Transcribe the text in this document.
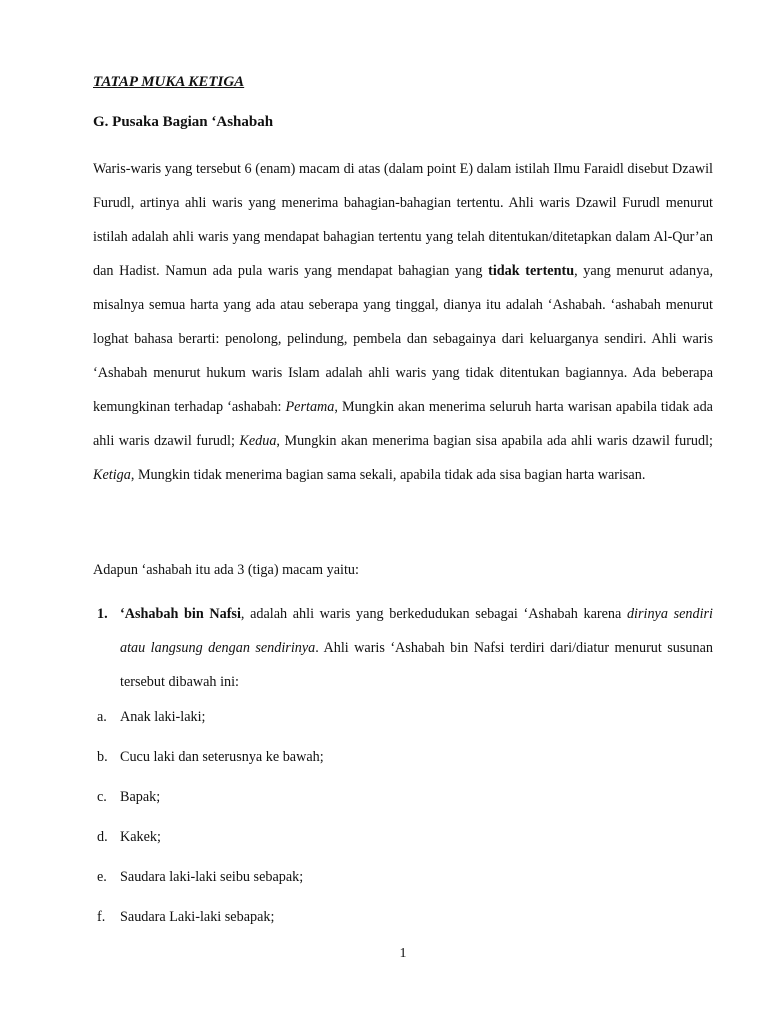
TATAP MUKA KETIGA
G. Pusaka Bagian ‘Ashabah

Waris-waris yang tersebut 6 (enam) macam di atas (dalam point E) dalam istilah Ilmu Faraidl disebut Dzawil Furudl, artinya ahli waris yang menerima bahagian-bahagian tertentu. Ahli waris Dzawil Furudl menurut istilah adalah ahli waris yang mendapat bahagian tertentu yang telah ditentukan/ditetapkan dalam Al-Qur’an dan Hadist. Namun ada pula waris yang mendapat bahagian yang tidak tertentu, yang menurut adanya, misalnya semua harta yang ada atau seberapa yang tinggal, dianya itu adalah ‘Ashabah. ‘ashabah menurut loghat bahasa berarti: penolong, pelindung, pembela dan sebagainya dari keluarganya sendiri. Ahli waris ‘Ashabah menurut hukum waris Islam adalah ahli waris yang tidak ditentukan bagiannya. Ada beberapa kemungkinan terhadap ‘ashabah: Pertama, Mungkin akan menerima seluruh harta warisan apabila tidak ada ahli waris dzawil furudl; Kedua, Mungkin akan menerima bagian sisa apabila ada ahli waris dzawil furudl; Ketiga, Mungkin tidak menerima bagian sama sekali, apabila tidak ada sisa bagian harta warisan.

Adapun ‘ashabah itu ada 3 (tiga) macam yaitu:

1. ‘Ashabah bin Nafsi, adalah ahli waris yang berkedudukan sebagai ‘Ashabah karena dirinya sendiri atau langsung dengan sendirinya. Ahli waris ‘Ashabah bin Nafsi terdiri dari/diatur menurut susunan tersebut dibawah ini:
a. Anak laki-laki;
b. Cucu laki dan seterusnya ke bawah;
c. Bapak;
d. Kakek;
e. Saudara laki-laki seibu sebapak;
f. Saudara Laki-laki sebapak;
1
